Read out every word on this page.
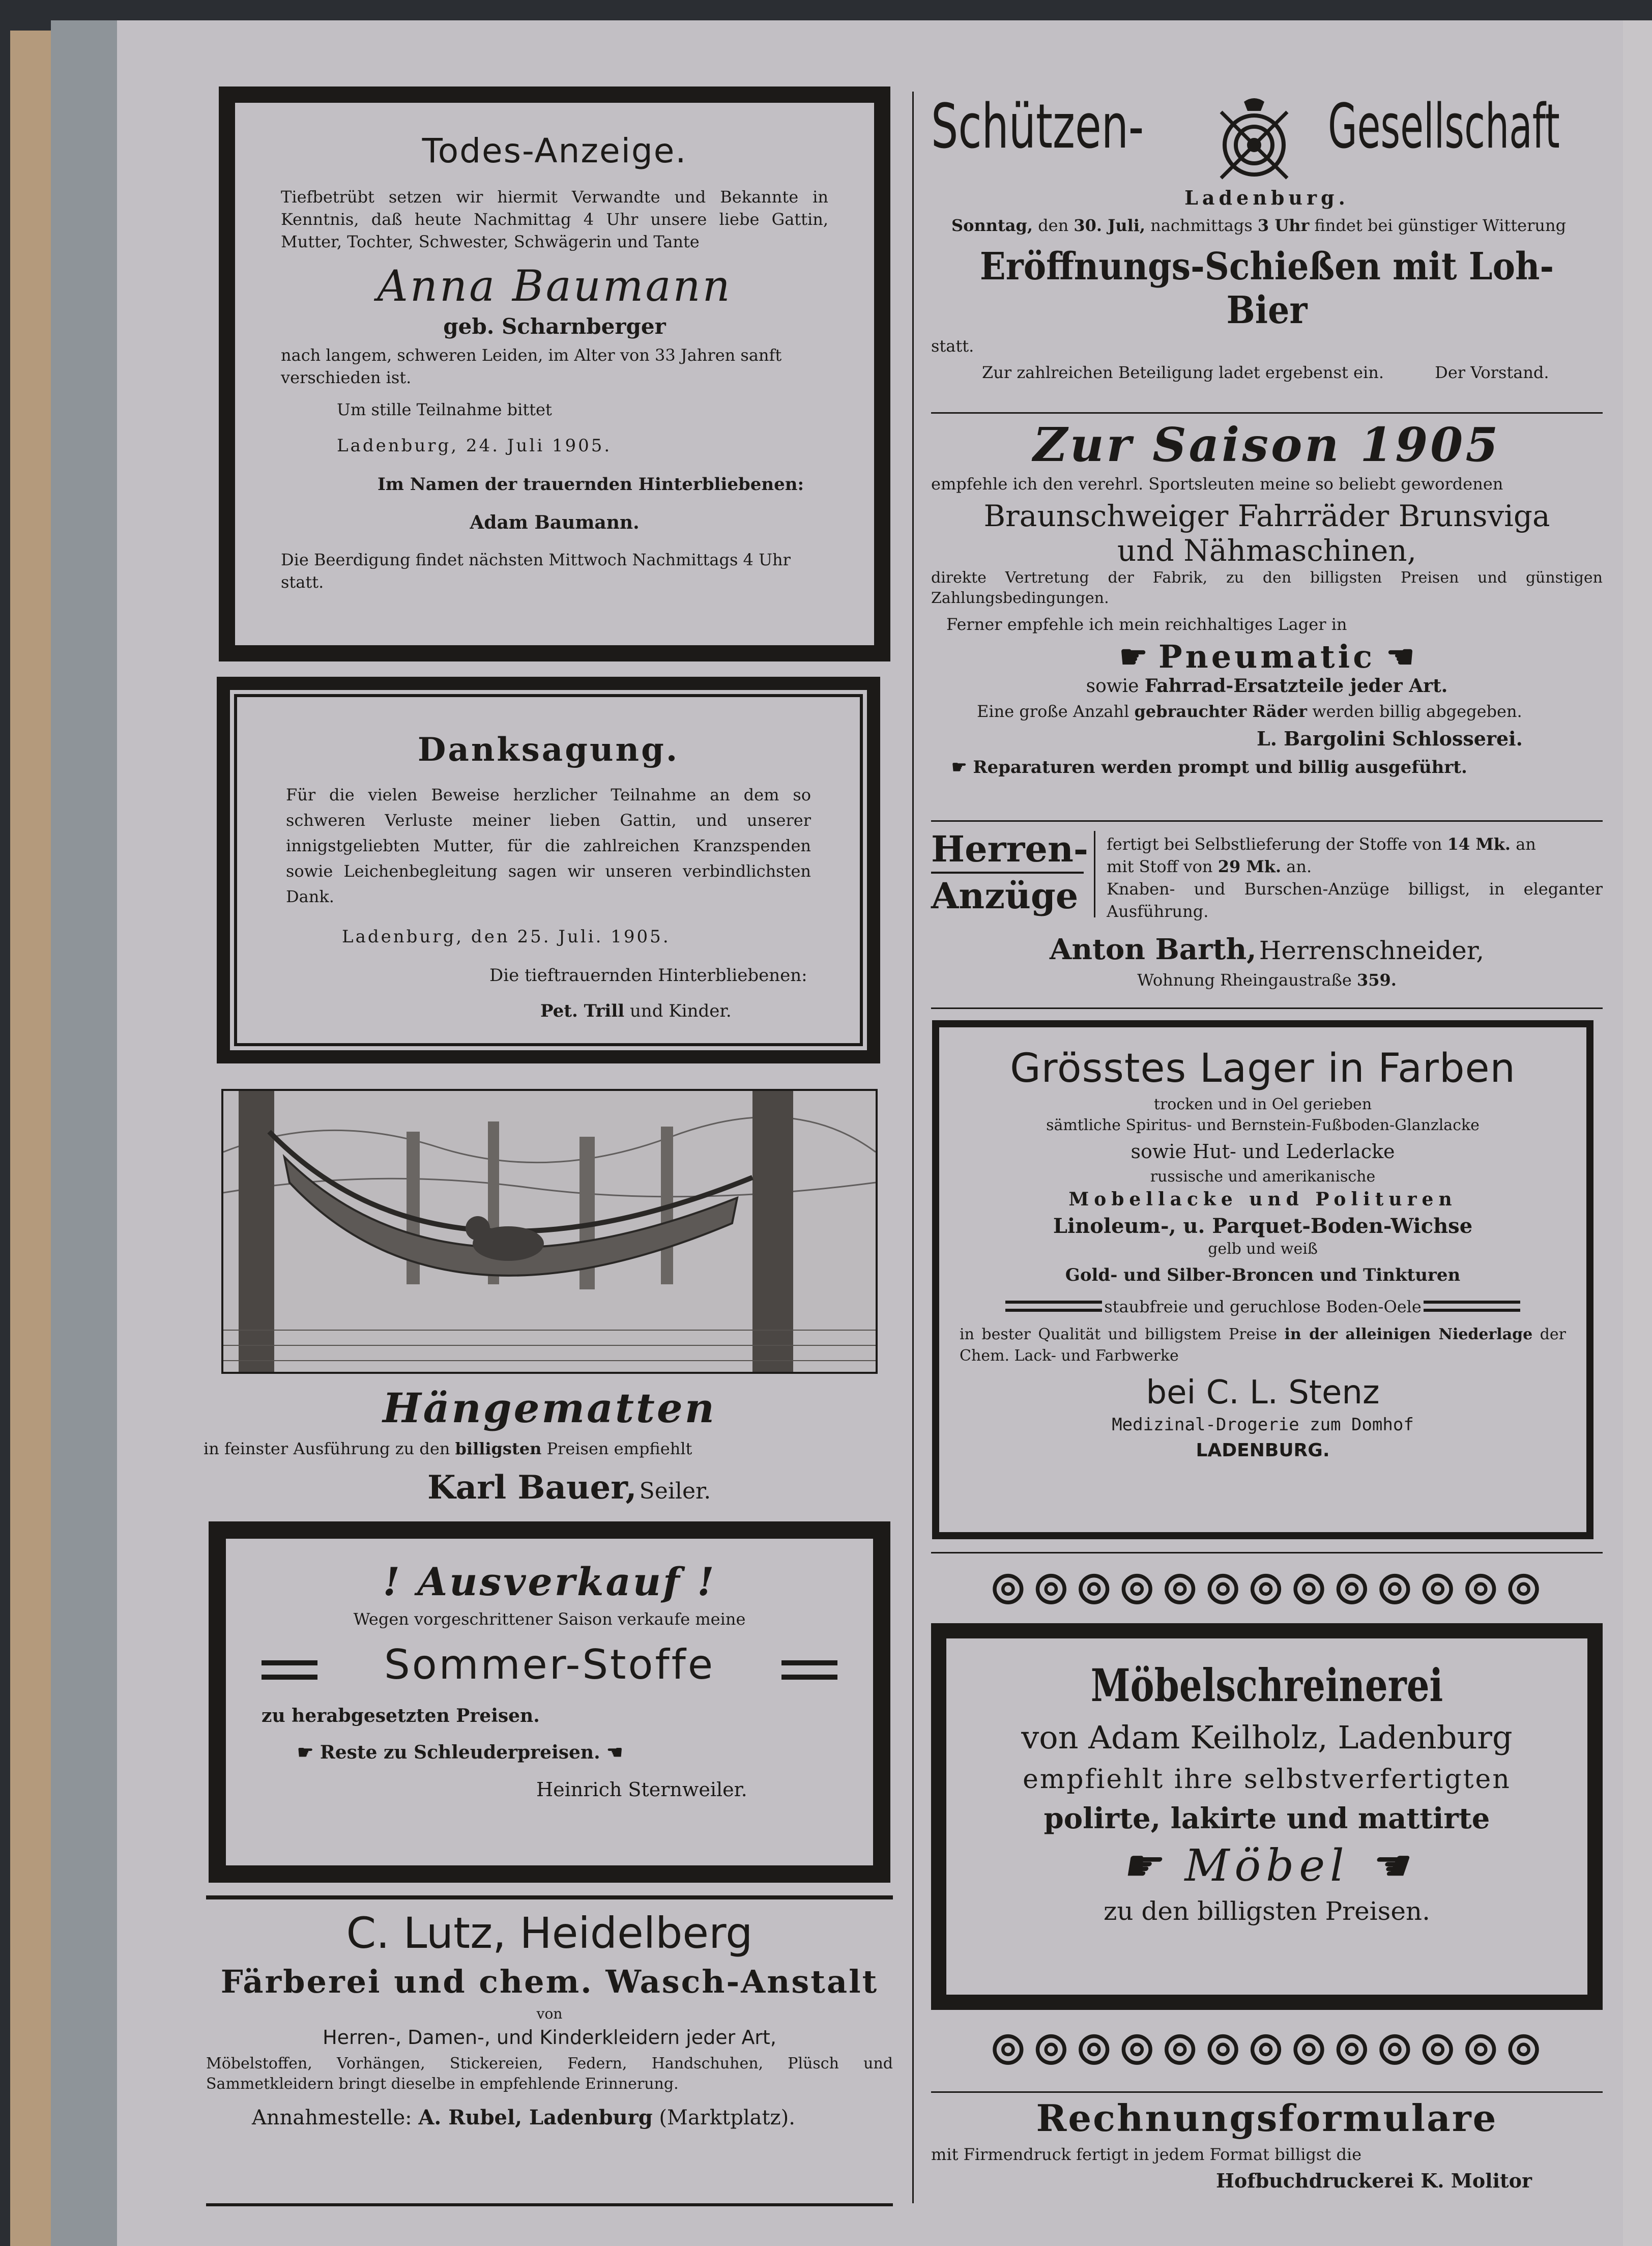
Todes-Anzeige.

Tiefbetrübt setzen wir hiermit Verwandte und Bekannte in Kenntnis, daß heute Nachmittag 4 Uhr unsere liebe Gattin, Mutter, Tochter, Schwester, Schwägerin und Tante

Anna Baumann

geb. Scharnberger

nach langem, schweren Leiden, im Alter von 33 Jahren sanft verschieden ist.

Um stille Teilnahme bittet

Ladenburg, 24. Juli 1905.

Im Namen der trauernden Hinterbliebenen:

Adam Baumann.

Die Beerdigung findet nächsten Mittwoch Nachmittags 4 Uhr statt.

Danksagung.

Für die vielen Beweise herzlicher Teilnahme an dem so schweren Verluste meiner lieben Gattin, und unserer innigstgeliebten Mutter, für die zahlreichen Kranzspenden sowie Leichenbegleitung sagen wir unseren verbindlichsten Dank.

Ladenburg, den 25. Juli. 1905.

Die tieftrauernden Hinterbliebenen:

Pet. Trill und Kinder.

Hängematten

in feinster Ausführung zu den billigsten Preisen empfiehlt

Karl Bauer, Seiler.

! Ausverkauf !

Wegen vorgeschrittener Saison verkaufe meine

Sommer-Stoffe

zu herabgesetzten Preisen.

☛ Reste zu Schleuderpreisen. ☚

Heinrich Sternweiler.

C. Lutz, Heidelberg

Färberei und chem. Wasch-Anstalt

von

Herren-, Damen-, und Kinderkleidern jeder Art,

Möbelstoffen, Vorhängen, Stickereien, Federn, Handschuhen, Plüsch und Sammetkleidern bringt dieselbe in empfehlende Erinnerung.

Annahmestelle: A. Rubel, Ladenburg (Marktplatz).

Schützen-	Gesellschaft

Ladenburg.

Sonntag, den 30. Juli, nachmittags 3 Uhr findet bei günstiger Witterung

Eröffnungs-Schießen mit Loh-Bier

statt.

Zur zahlreichen Beteiligung ladet ergebenst ein.	Der Vorstand.

Zur Saison 1905

empfehle ich den verehrl. Sportsleuten meine so beliebt gewordenen

Braunschweiger Fahrräder Brunsviga

und Nähmaschinen,

direkte Vertretung der Fabrik, zu den billigsten Preisen und günstigen Zahlungsbedingungen.

Ferner empfehle ich mein reichhaltiges Lager in

☛ Pneumatic ☚

sowie Fahrrad-Ersatzteile jeder Art.

Eine große Anzahl gebrauchter Räder werden billig abgegeben.

L. Bargolini Schlosserei.

☛ Reparaturen werden prompt und billig ausgeführt.

Herren-

Anzüge

fertigt bei Selbstlieferung der Stoffe von 14 Mk. an

mit Stoff von 29 Mk. an.

Knaben- und Burschen-Anzüge billigst, in eleganter Ausführung.

Anton Barth, Herrenschneider,

Wohnung Rheingaustraße 359.

Grösstes Lager in Farben

trocken und in Oel gerieben

sämtliche Spiritus- und Bernstein-Fußboden-Glanzlacke

sowie Hut- und Lederlacke

russische und amerikanische

Mobellacke und Polituren

Linoleum-, u. Parquet-Boden-Wichse

gelb und weiß

Gold- und Silber-Broncen und Tinkturen

staubfreie und geruchlose Boden-Oele

in bester Qualität und billigstem Preise in der alleinigen Niederlage der Chem. Lack- und Farbwerke

bei C. L. Stenz

Medizinal-Drogerie zum Domhof

LADENBURG.

⊚⊚⊚⊚⊚⊚⊚⊚⊚⊚⊚⊚⊚

Möbelschreinerei

von Adam Keilholz, Ladenburg

empfiehlt ihre selbstverfertigten

polirte, lakirte und mattirte

☛ Möbel ☚

zu den billigsten Preisen.

⊚⊚⊚⊚⊚⊚⊚⊚⊚⊚⊚⊚⊚

Rechnungsformulare

mit Firmendruck fertigt in jedem Format billigst die

Hofbuchdruckerei K. Molitor
